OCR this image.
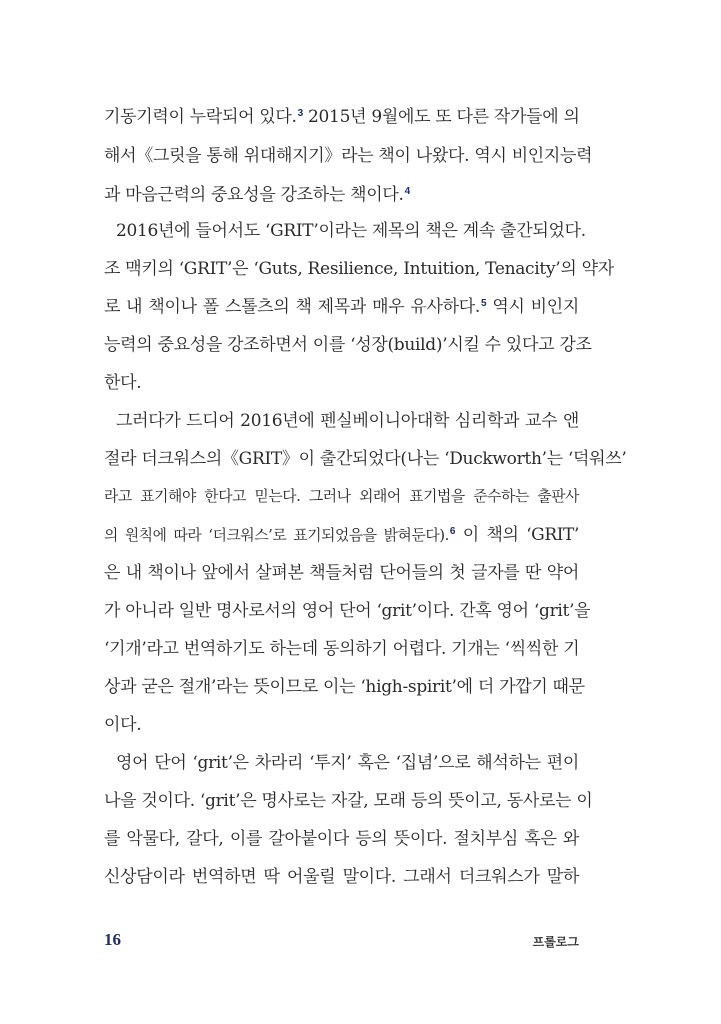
기동기력이 누락되어 있다.$^3$ 2015년 9월에도 또 다른 작가들에 의
해서《그릿을 통해 위대해지기》라는 책이 나왔다. 역시 비인지능력
과 마음근력의 중요성을 강조하는 책이다.$^4$
2016년에 들어서도 ‘GRIT’이라는 제목의 책은 계속 출간되었다.
조 맥키의 ‘GRIT’은 ‘Guts, Resilience, Intuition, Tenacity’의 약자
로 내 책이나 폴 스톨츠의 책 제목과 매우 유사하다.$^5$ 역시 비인지
능력의 중요성을 강조하면서 이를 ‘성장(build)’시킬 수 있다고 강조
한다.
그러다가 드디어 2016년에 펜실베이니아대학 심리학과 교수 앤
절라 더크워스의《GRIT》이 출간되었다(나는 ‘Duckworth’는 ‘덕워쓰’
라고 표기해야 한다고 믿는다. 그러나 외래어 표기법을 준수하는 출판사
의 원칙에 따라 ‘더크워스’로 표기되었음을 밝혀둔다).$^6$ 이 책의 ‘GRIT’
은 내 책이나 앞에서 살펴본 책들처럼 단어들의 첫 글자를 딴 약어
가 아니라 일반 명사로서의 영어 단어 ‘grit’이다. 간혹 영어 ‘grit’을
‘기개’라고 번역하기도 하는데 동의하기 어렵다. 기개는 ‘씩씩한 기
상과 굳은 절개’라는 뜻이므로 이는 ‘high-spirit’에 더 가깝기 때문
이다.
영어 단어 ‘grit’은 차라리 ‘투지’ 혹은 ‘집념’으로 해석하는 편이
나을 것이다. ‘grit’은 명사로는 자갈, 모래 등의 뜻이고, 동사로는 이
를 악물다, 갈다, 이를 갈아붙이다 등의 뜻이다. 절치부심 혹은 와
신상담이라 번역하면 딱 어울릴 말이다. 그래서 더크워스가 말하
16	프롤로그
